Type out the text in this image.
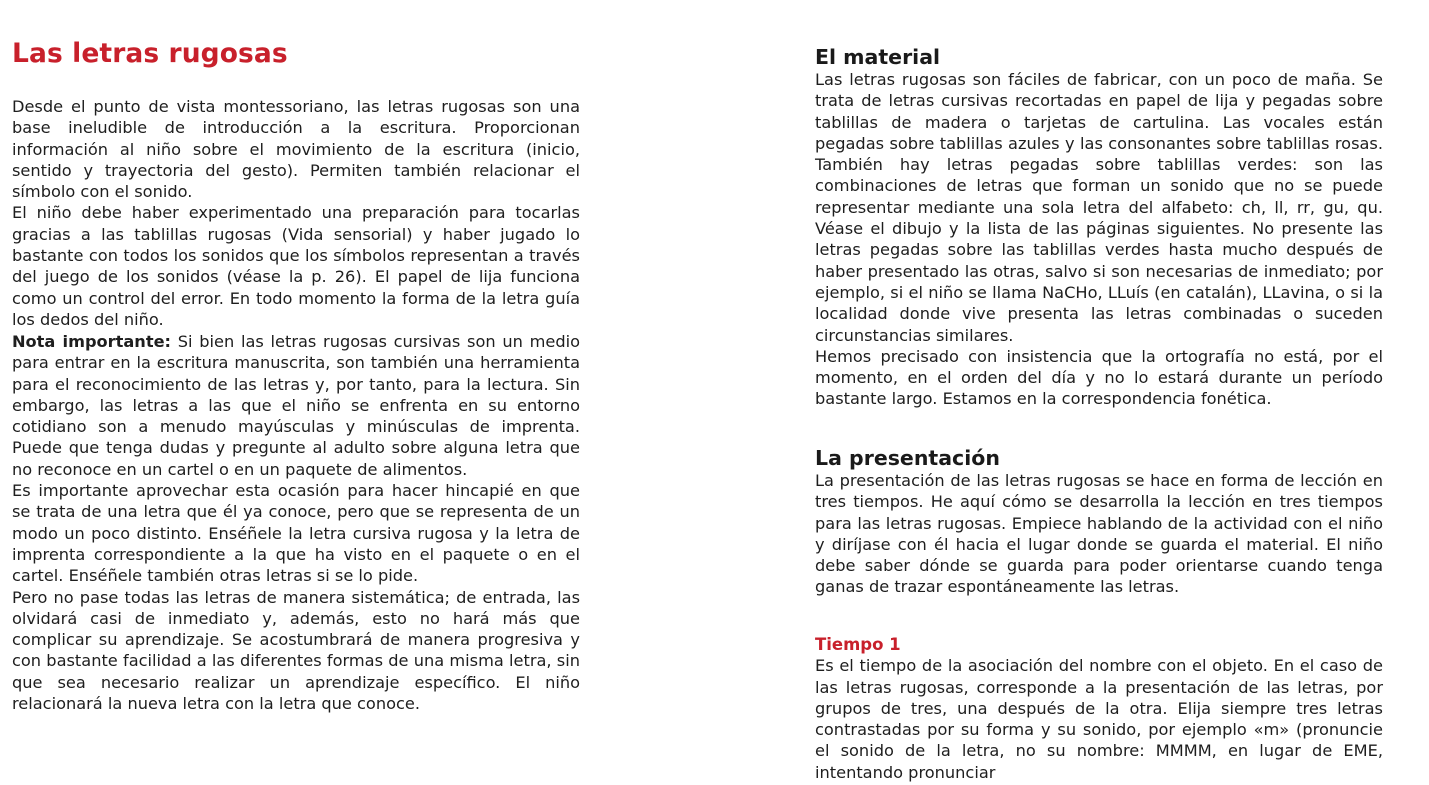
Las letras rugosas

Desde el punto de vista montessoriano, las letras rugosas son una base ineludible de introducción a la escritura. Proporcionan información al niño sobre el movimiento de la escritura (inicio, sentido y trayectoria del gesto). Permiten también relacionar el símbolo con el sonido.

El niño debe haber experimentado una preparación para tocarlas gracias a las tablillas rugosas (Vida sensorial) y haber jugado lo bastante con todos los sonidos que los símbolos representan a través del juego de los sonidos (véase la p. 26). El papel de lija funciona como un control del error. En todo momento la forma de la letra guía los dedos del niño.

Nota importante: Si bien las letras rugosas cursivas son un medio para entrar en la escritura manuscrita, son también una herramienta para el reconocimiento de las letras y, por tanto, para la lectura. Sin embargo, las letras a las que el niño se enfrenta en su entorno cotidiano son a menudo mayúsculas y minúsculas de imprenta. Puede que tenga dudas y pregunte al adulto sobre alguna letra que no reconoce en un cartel o en un paquete de alimentos.

Es importante aprovechar esta ocasión para hacer hincapié en que se trata de una letra que él ya conoce, pero que se representa de un modo un poco distinto. Enséñele la letra cursiva rugosa y la letra de imprenta correspondiente a la que ha visto en el paquete o en el cartel. Enséñele también otras letras si se lo pide.

Pero no pase todas las letras de manera sistemática; de entrada, las olvidará casi de inmediato y, además, esto no hará más que complicar su aprendizaje. Se acostumbrará de manera progresiva y con bastante facilidad a las diferentes formas de una misma letra, sin que sea necesario realizar un aprendizaje específico. El niño relacionará la nueva letra con la letra que conoce.

El material

Las letras rugosas son fáciles de fabricar, con un poco de maña. Se trata de letras cursivas recortadas en papel de lija y pegadas sobre tablillas de madera o tarjetas de cartulina. Las vocales están pegadas sobre tablillas azules y las consonantes sobre tablillas rosas. También hay letras pegadas sobre tablillas verdes: son las combinaciones de letras que forman un sonido que no se puede representar mediante una sola letra del alfabeto: ch, ll, rr, gu, qu. Véase el dibujo y la lista de las páginas siguientes. No presente las letras pegadas sobre las tablillas verdes hasta mucho después de haber presentado las otras, salvo si son necesarias de inmediato; por ejemplo, si el niño se llama NaCHo, LLuís (en catalán), LLavina, o si la localidad donde vive presenta las letras combinadas o suceden circunstancias similares.

Hemos precisado con insistencia que la ortografía no está, por el momento, en el orden del día y no lo estará durante un período bastante largo. Estamos en la correspondencia fonética.

La presentación

La presentación de las letras rugosas se hace en forma de lección en tres tiempos. He aquí cómo se desarrolla la lección en tres tiempos para las letras rugosas. Empiece hablando de la actividad con el niño y diríjase con él hacia el lugar donde se guarda el material. El niño debe saber dónde se guarda para poder orientarse cuando tenga ganas de trazar espontáneamente las letras.

Tiempo 1

Es el tiempo de la asociación del nombre con el objeto. En el caso de las letras rugosas, corresponde a la presentación de las letras, por grupos de tres, una después de la otra. Elija siempre tres letras contrastadas por su forma y su sonido, por ejemplo «m» (pronuncie el sonido de la letra, no su nombre: MMMM, en lugar de EME, intentando pronunciar
